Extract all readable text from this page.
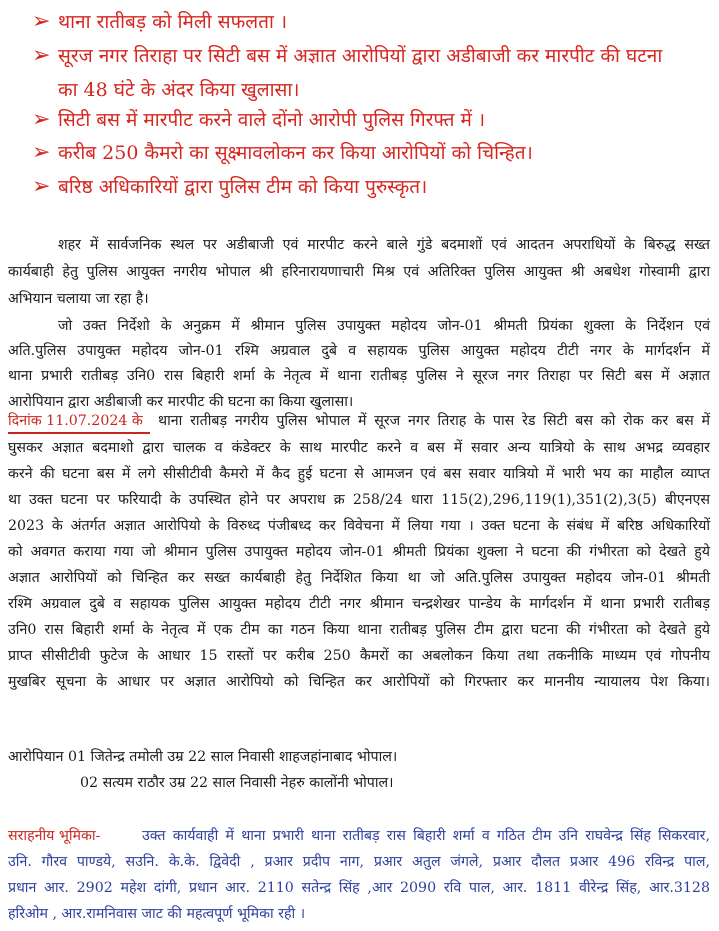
➢ थाना रातीबड़ को मिली सफलता ।
➢ सूरज नगर तिराहा पर सिटी बस में अज्ञात आरोपियों द्वारा अडीबाजी कर मारपीट की घटना
का 48 घंटे के अंदर किया खुलासा।
➢ सिटी बस में मारपीट करने वाले दोंनो आरोपी पुलिस गिरफ्त में ।
➢ करीब 250 कैमरो का सूक्ष्मावलोकन कर किया आरोपियों को चिन्हित।
➢ बरिष्ठ अधिकारियों द्वारा पुलिस टीम को किया पुरुस्कृत।
शहर में सार्वजनिक स्थल पर अडीबाजी एवं मारपीट करने बाले गुंडे बदमाशों एवं आदतन अपराधियों के बिरुद्ध सख्त
कार्यबाही हेतु पुलिस आयुक्त नगरीय भोपाल श्री हरिनारायणाचारी मिश्र एवं अतिरिक्त पुलिस आयुक्त श्री अबधेश गोस्वामी द्वारा
अभियान चलाया जा रहा है।
जो उक्त निर्देशो के अनुक्रम में श्रीमान पुलिस उपायुक्त महोदय जोन-01 श्रीमती प्रियंका शुक्ला के निर्देशन एवं
अति.पुलिस उपायुक्त महोदय जोन-01 रश्मि अग्रवाल दुबे व सहायक पुलिस आयुक्त महोदय टीटी नगर के मार्गदर्शन में
थाना प्रभारी रातीबड़ उनि0 रास बिहारी शर्मा के नेतृत्व में थाना रातीबड़ पुलिस ने सूरज नगर तिराहा पर सिटी बस में अज्ञात
आरोपियान द्वारा अडीबाजी कर मारपीट की घटना का किया खुलासा।
दिनांक 11.07.2024 के	थाना रातीबड़ नगरीय पुलिस भोपाल में सूरज नगर तिराह के पास रेड सिटी बस को रोक कर बस में
घुसकर अज्ञात बदमाशो द्वारा चालक व कंडेक्टर के साथ मारपीट करने व बस में सवार अन्य यात्रियो के साथ अभद्र व्यवहार
करने की घटना बस में लगे सीसीटीवी कैमरो में कैद हुई घटना से आमजन एवं बस सवार यात्रियो में भारी भय का माहौल व्याप्त
था उक्त घटना पर फरियादी के उपस्थित होने पर अपराध क्र 258/24 धारा 115(2),296,119(1),351(2),3(5) बीएनएस
2023 के अंतर्गत अज्ञात आरोपियो के विरुध्द पंजीबध्द कर विवेचना में लिया गया । उक्त घटना के संबंध में बरिष्ठ अधिकारियों
को अवगत कराया गया जो श्रीमान पुलिस उपायुक्त महोदय जोन-01 श्रीमती प्रियंका शुक्ला ने घटना की गंभीरता को देखते हुये
अज्ञात आरोपियों को चिन्हित कर सख्त कार्यबाही हेतु निर्देशित किया था जो अति.पुलिस उपायुक्त महोदय जोन-01 श्रीमती
रश्मि अग्रवाल दुबे व सहायक पुलिस आयुक्त महोदय टीटी नगर श्रीमान चन्द्रशेखर पान्डेय के मार्गदर्शन में थाना प्रभारी रातीबड़
उनि0 रास बिहारी शर्मा के नेतृत्व में एक टीम का गठन किया थाना रातीबड़ पुलिस टीम द्वारा घटना की गंभीरता को देखते हुये
प्राप्त सीसीटीवी फुटेज के आधार 15 रास्तों पर करीब 250 कैमरों का अबलोकन किया तथा तकनीकि माध्यम एवं गोपनीय
मुखबिर सूचना के आधार पर अज्ञात आरोपियो को चिन्हित कर आरोपियों को गिरफ्तार कर माननीय न्यायालय पेश किया।
आरोपियान 01 जितेन्द्र तमोली उम्र 22 साल निवासी शाहजहांनाबाद भोपाल।
02 सत्यम राठौर उम्र 22 साल निवासी नेहरु कालोंनी भोपाल।
सराहनीय भूमिका-	उक्त कार्यवाही में थाना प्रभारी थाना रातीबड़ रास बिहारी शर्मा व गठित टीम उनि राघवेन्द्र सिंह सिकरवार,
उनि. गौरव पाण्डये, सउनि. के.के. द्विवेदी , प्रआर प्रदीप नाग, प्रआर अतुल जंगले, प्रआर दौलत प्रआर 496 रविन्द्र पाल,
प्रधान आर. 2902 महेश दांगी, प्रधान आर. 2110 सतेन्द्र सिंह ,आर 2090 रवि पाल, आर. 1811 वीरेन्द्र सिंह, आर.3128
हरिओम , आर.रामनिवास जाट की महत्वपूर्ण भूमिका रही ।
